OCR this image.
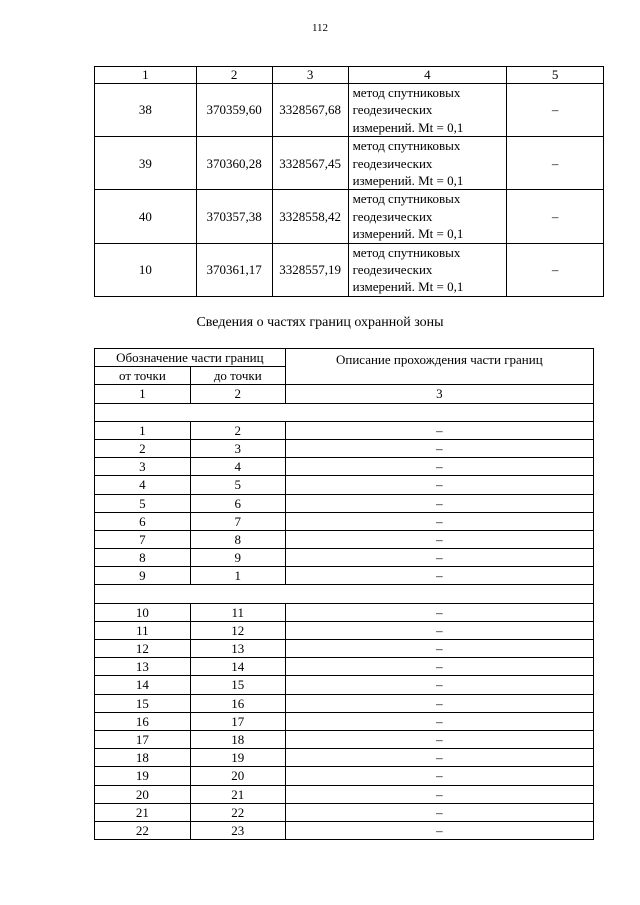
112
1	2	3	4	5
38	370359,60	3328567,68	метод спутниковых
геодезических
измерений. Mt = 0,1	–
39	370360,28	3328567,45	метод спутниковых
геодезических
измерений. Mt = 0,1	–
40	370357,38	3328558,42	метод спутниковых
геодезических
измерений. Mt = 0,1	–
10	370361,17	3328557,19	метод спутниковых
геодезических
измерений. Mt = 0,1	–
Сведения о частях границ охранной зоны
Обозначение части границ		Описание прохождения части границ
от точки	до точки	
1	2	3

1	2	–
2	3	–
3	4	–
4	5	–
5	6	–
6	7	–
7	8	–
8	9	–
9	1	–

10	11	–
11	12	–
12	13	–
13	14	–
14	15	–
15	16	–
16	17	–
17	18	–
18	19	–
19	20	–
20	21	–
21	22	–
22	23	–
